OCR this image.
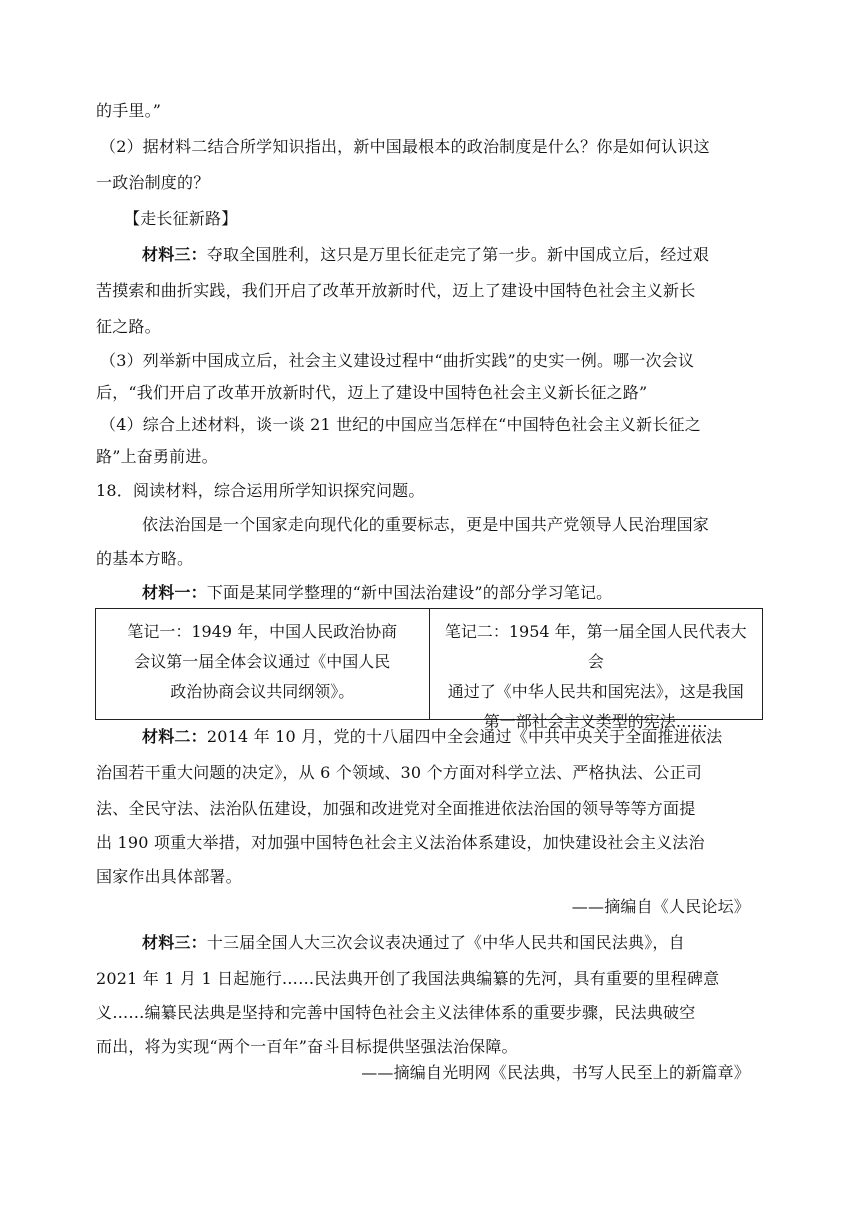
的手里。”
（2）据材料二结合所学知识指出，新中国最根本的政治制度是什么？你是如何认识这
一政治制度的？
【走长征新路】
材料三：夺取全国胜利，这只是万里长征走完了第一步。新中国成立后，经过艰
苦摸索和曲折实践，我们开启了改革开放新时代，迈上了建设中国特色社会主义新长
征之路。
（3）列举新中国成立后，社会主义建设过程中“曲折实践”的史实一例。哪一次会议
后，“我们开启了改革开放新时代，迈上了建设中国特色社会主义新长征之路”
（4）综合上述材料，谈一谈 21 世纪的中国应当怎样在“中国特色社会主义新长征之
路”上奋勇前进。
18．阅读材料，综合运用所学知识探究问题。
依法治国是一个国家走向现代化的重要标志，更是中国共产党领导人民治理国家
的基本方略。
材料一：下面是某同学整理的“新中国法治建设”的部分学习笔记。
笔记一：1949 年，中国人民政治协商
会议第一届全体会议通过《中国人民
政治协商会议共同纲领》。
笔记二：1954 年，第一届全国人民代表大会
通过了《中华人民共和国宪法》，这是我国
第一部社会主义类型的宪法……
材料二：2014 年 10 月，党的十八届四中全会通过《中共中央关于全面推进依法
治国若干重大问题的决定》，从 6 个领域、30 个方面对科学立法、严格执法、公正司
法、全民守法、法治队伍建设，加强和改进党对全面推进依法治国的领导等等方面提
出 190 项重大举措，对加强中国特色社会主义法治体系建设，加快建设社会主义法治
国家作出具体部署。
——摘编自《人民论坛》
材料三：十三届全国人大三次会议表决通过了《中华人民共和国民法典》，自
2021 年 1 月 1 日起施行……民法典开创了我国法典编纂的先河，具有重要的里程碑意
义……编纂民法典是坚持和完善中国特色社会主义法律体系的重要步骤，民法典破空
而出，将为实现“两个一百年”奋斗目标提供坚强法治保障。
——摘编自光明网《民法典，书写人民至上的新篇章》
